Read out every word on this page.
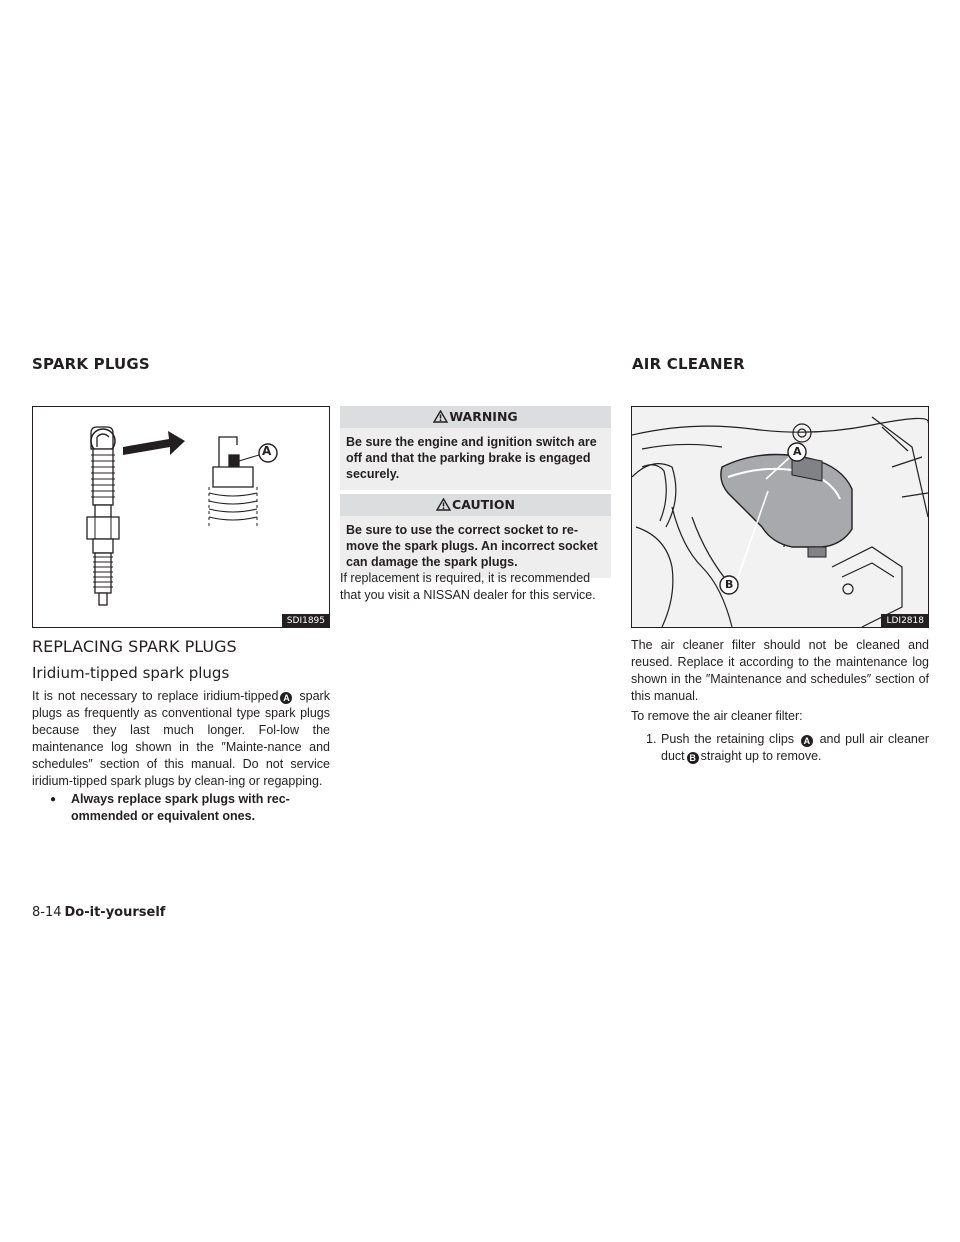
SPARK PLUGS	AIR CLEANER
A
SDI1895
REPLACING SPARK PLUGS
Iridium-tipped spark plugs
It is not necessary to replace iridium-tipped A spark plugs as frequently as conventional type spark plugs because they last much longer. Fol-low the maintenance log shown in the ″Mainte-nance and schedules″ section of this manual. Do not service iridium-tipped spark plugs by clean-ing or regapping.
● Always replace spark plugs with rec-ommended or equivalent ones.
WARNING
Be sure the engine and ignition switch are off and that the parking brake is engaged securely.
CAUTION
Be sure to use the correct socket to re-move the spark plugs. An incorrect socket can damage the spark plugs.
If replacement is required, it is recommended that you visit a NISSAN dealer for this service.
A
B
LDI2818
The air cleaner filter should not be cleaned and reused. Replace it according to the maintenance log shown in the ″Maintenance and schedules″ section of this manual.
To remove the air cleaner filter:
1. Push the retaining clips A and pull air cleaner duct B straight up to remove.
8-14 Do-it-yourself
